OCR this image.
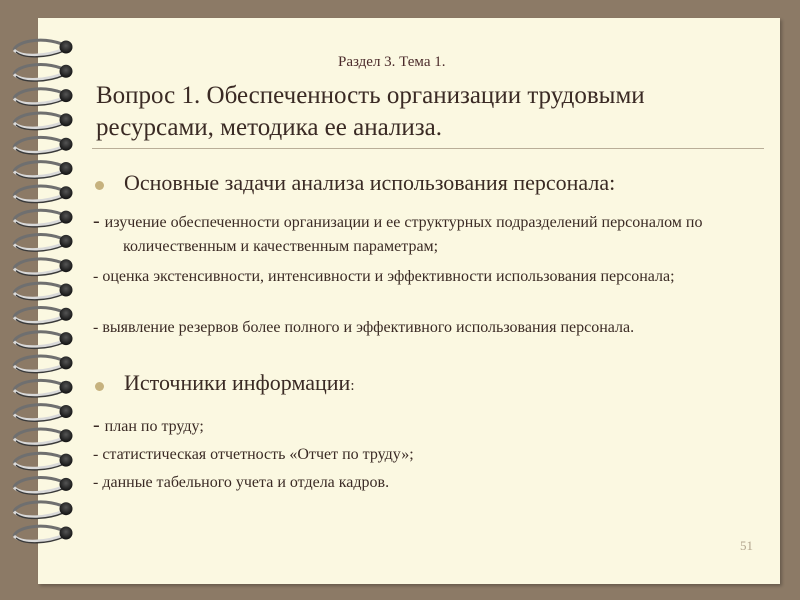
Раздел 3. Тема 1.
Вопрос 1. Обеспеченность организации трудовыми ресурсами, методика ее анализа.
Основные задачи анализа использования персонала:
- изучение обеспеченности организации и ее структурных подразделений персоналом по количественным и качественным параметрам;
- оценка экстенсивности, интенсивности и эффективности использования персонала;
- выявление резервов более полного и эффективного использования персонала.
Источники информации:
- план по труду;
- статистическая отчетность «Отчет по труду»;
- данные табельного учета и отдела кадров.
51
